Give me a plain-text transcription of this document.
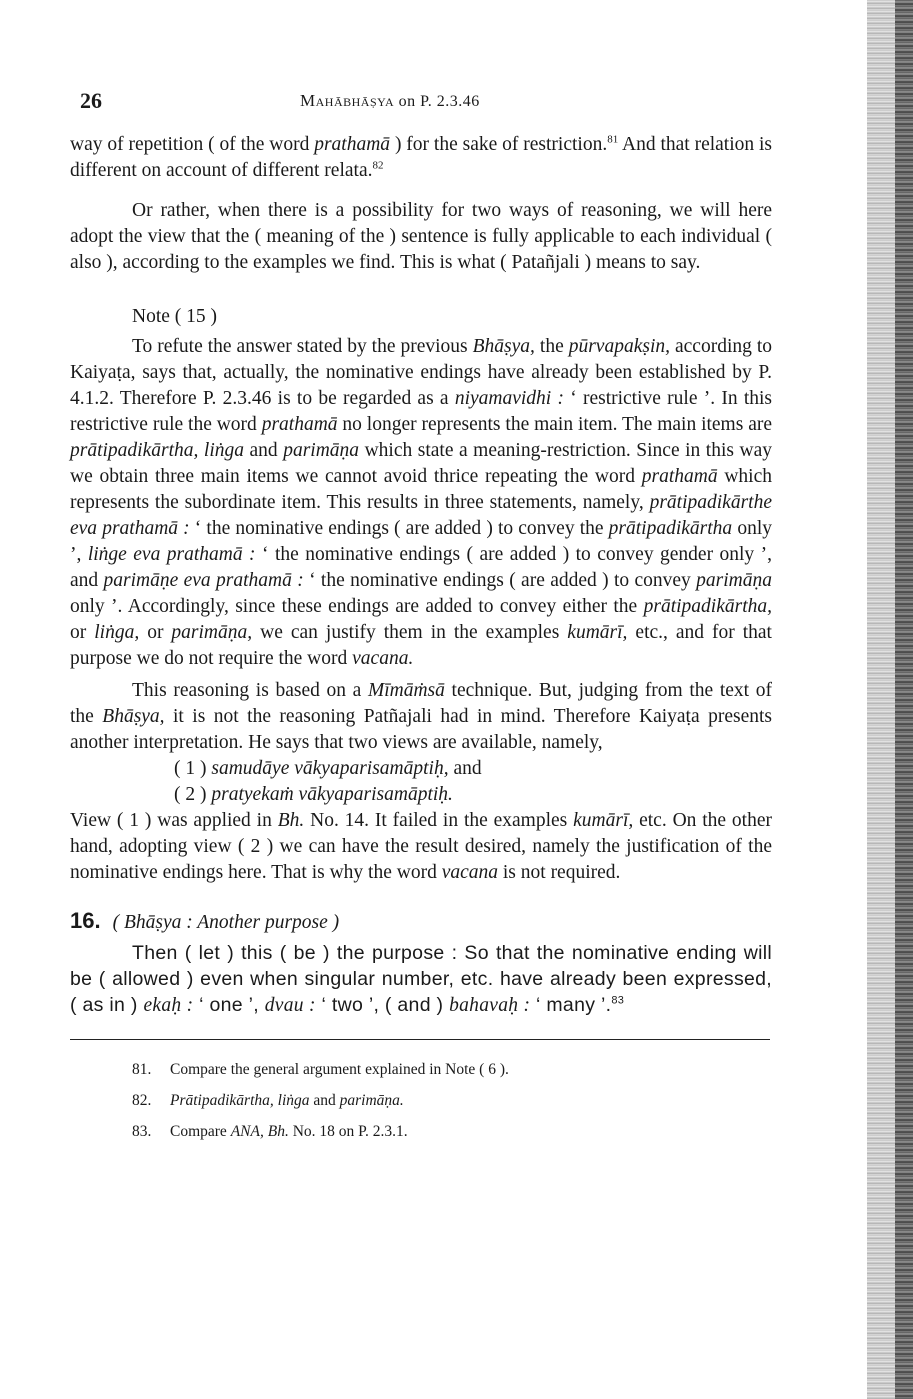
26	Mahābhāṣya on P. 2.3.46

way of repetition ( of the word prathamā ) for the sake of restriction.$^{81}$ And that relation is different on account of different relata.$^{82}$

Or rather, when there is a possibility for two ways of reasoning, we will here adopt the view that the ( meaning of the ) sentence is fully applicable to each individual ( also ), according to the examples we find. This is what ( Patañjali ) means to say.

Note ( 15 )

To refute the answer stated by the previous Bhāṣya, the pūrvapakṣin, according to Kaiyaṭa, says that, actually, the nominative endings have already been established by P. 4.1.2. Therefore P. 2.3.46 is to be regarded as a niyamavidhi : ‘ restrictive rule ’. In this restrictive rule the word prathamā no longer represents the main item. The main items are prātipadikārtha, liṅga and parimāṇa which state a meaning-restriction. Since in this way we obtain three main items we cannot avoid thrice repeating the word prathamā which represents the subordinate item. This results in three statements, namely, prātipadikārthe eva prathamā : ‘ the nominative endings ( are added ) to convey the prātipadikārtha only ’, liṅge eva prathamā : ‘ the nominative endings ( are added ) to convey gender only ’, and parimāṇe eva prathamā : ‘ the nominative endings ( are added ) to convey parimāṇa only ’. Accordingly, since these endings are added to convey either the prātipadikārtha, or liṅga, or parimāṇa, we can justify them in the examples kumārī, etc., and for that purpose we do not require the word vacana.

This reasoning is based on a Mīmāṁsā technique. But, judging from the text of the Bhāṣya, it is not the reasoning Patñajali had in mind. Therefore Kaiyaṭa presents another interpretation. He says that two views are available, namely,

( 1 ) samudāye vākyaparisamāptiḥ, and
( 2 ) pratyekaṁ vākyaparisamāptiḥ.

View ( 1 ) was applied in Bh. No. 14. It failed in the examples kumārī, etc. On the other hand, adopting view ( 2 ) we can have the result desired, namely the justification of the nominative endings here. That is why the word vacana is not required.

16. ( Bhāṣya : Another purpose )

Then ( let ) this ( be ) the purpose : So that the nominative ending will be ( allowed ) even when singular number, etc. have already been expressed, ( as in ) ekaḥ : ‘ one ’, dvau : ‘ two ’, ( and ) bahavaḥ : ‘ many ’.$^{83}$

81. Compare the general argument explained in Note ( 6 ).
82. Prātipadikārtha, liṅga and parimāṇa.
83. Compare ANA, Bh. No. 18 on P. 2.3.1.
